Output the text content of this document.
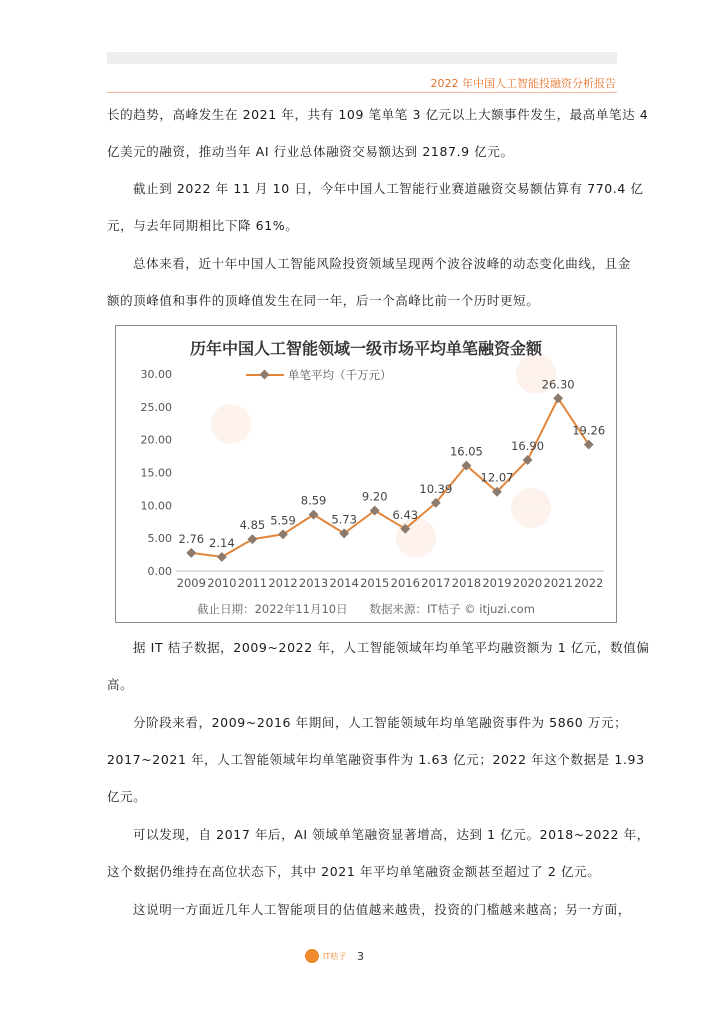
2022 年中国人工智能投融资分析报告

长的趋势，高峰发生在 2021 年，共有 109 笔单笔 3 亿元以上大额事件发生，最高单笔达 4
亿美元的融资，推动当年 AI 行业总体融资交易额达到 2187.9 亿元。

截止到 2022 年 11 月 10 日，今年中国人工智能行业赛道融资交易额估算有 770.4 亿
元，与去年同期相比下降 61%。

总体来看，近十年中国人工智能风险投资领域呈现两个波谷波峰的动态变化曲线，且金
额的顶峰值和事件的顶峰值发生在同一年，后一个高峰比前一个历时更短。

历年中国人工智能领域一级市场平均单笔融资金额
单笔平均（千万元）
0.00
5.00
10.00
15.00
20.00
25.00
30.00
2009 2010 2011 2012 2013 2014 2015 2016 2017 2018 2019 2020 2021 2022
2.76 2.14
4.85 5.59
8.59
5.73
9.20
6.43
10.39
16.05
12.07
16.90
26.30
19.26
截止日期：2022年11月10日      数据来源：IT桔子 © itjuzi.com

据 IT 桔子数据，2009~2022 年，人工智能领域年均单笔平均融资额为 1 亿元，数值偏
高。

分阶段来看，2009~2016 年期间，人工智能领域年均单笔融资事件为 5860 万元；
2017~2021 年，人工智能领域年均单笔融资事件为 1.63 亿元；2022 年这个数据是 1.93
亿元。

可以发现，自 2017 年后，AI 领域单笔融资显著增高，达到 1 亿元。2018~2022 年，
这个数据仍维持在高位状态下，其中 2021 年平均单笔融资金额甚至超过了 2 亿元。

这说明一方面近几年人工智能项目的估值越来越贵，投资的门槛越来越高；另一方面，

IT桔子 3
